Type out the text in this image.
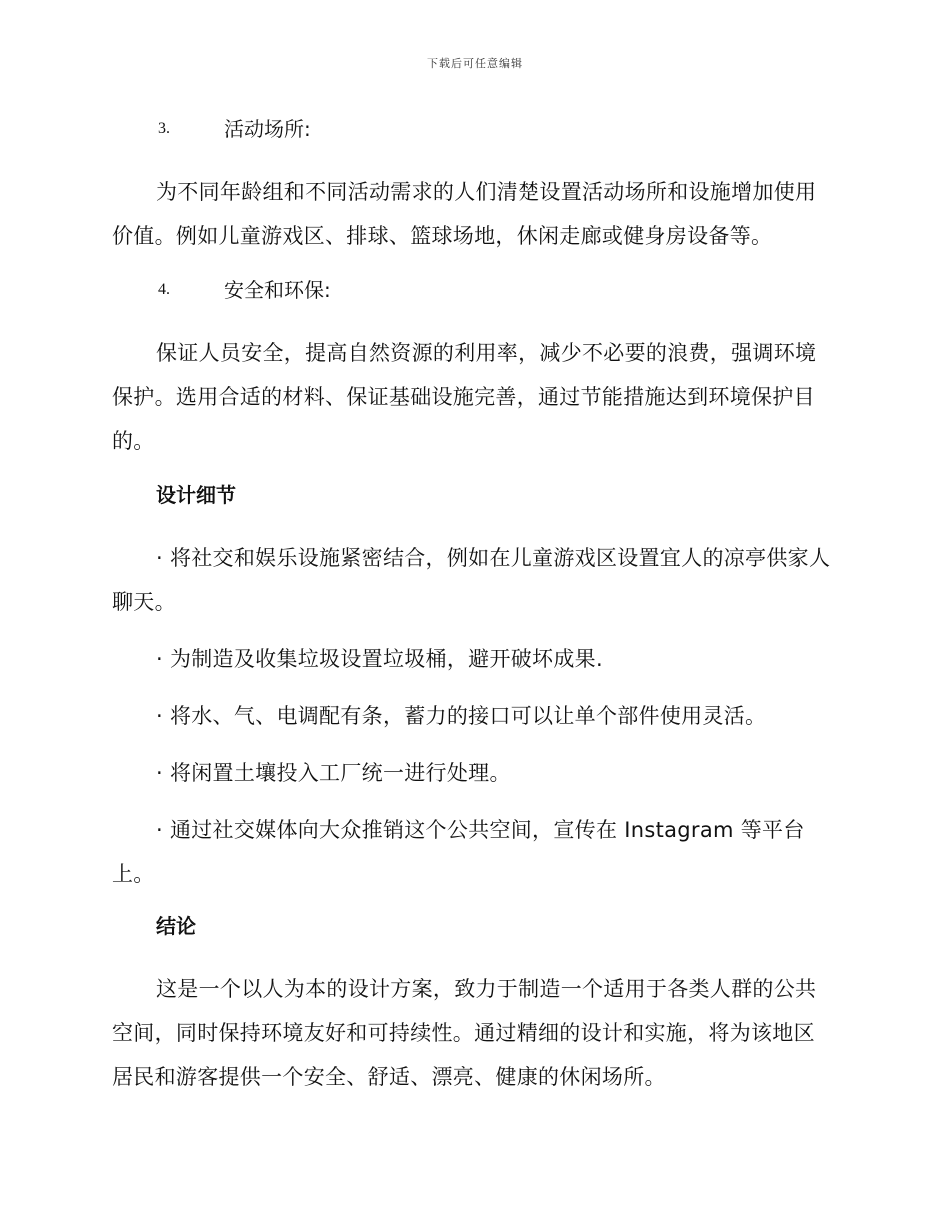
下载后可任意编辑
3.	活动场所:

为不同年龄组和不同活动需求的人们清楚设置活动场所和设施增加使用价值。例如儿童游戏区、排球、篮球场地，休闲走廊或健身房设备等。

4.	安全和环保:

保证人员安全，提高自然资源的利用率，减少不必要的浪费，强调环境保护。选用合适的材料、保证基础设施完善，通过节能措施达到环境保护目的。

设计细节

· 将社交和娱乐设施紧密结合，例如在儿童游戏区设置宜人的凉亭供家人聊天。

· 为制造及收集垃圾设置垃圾桶，避开破坏成果.

· 将水、气、电调配有条，蓄力的接口可以让单个部件使用灵活。

· 将闲置土壤投入工厂统一进行处理。

· 通过社交媒体向大众推销这个公共空间，宣传在 Instagram 等平台上。

结论

这是一个以人为本的设计方案，致力于制造一个适用于各类人群的公共空间，同时保持环境友好和可持续性。通过精细的设计和实施，将为该地区居民和游客提供一个安全、舒适、漂亮、健康的休闲场所。
